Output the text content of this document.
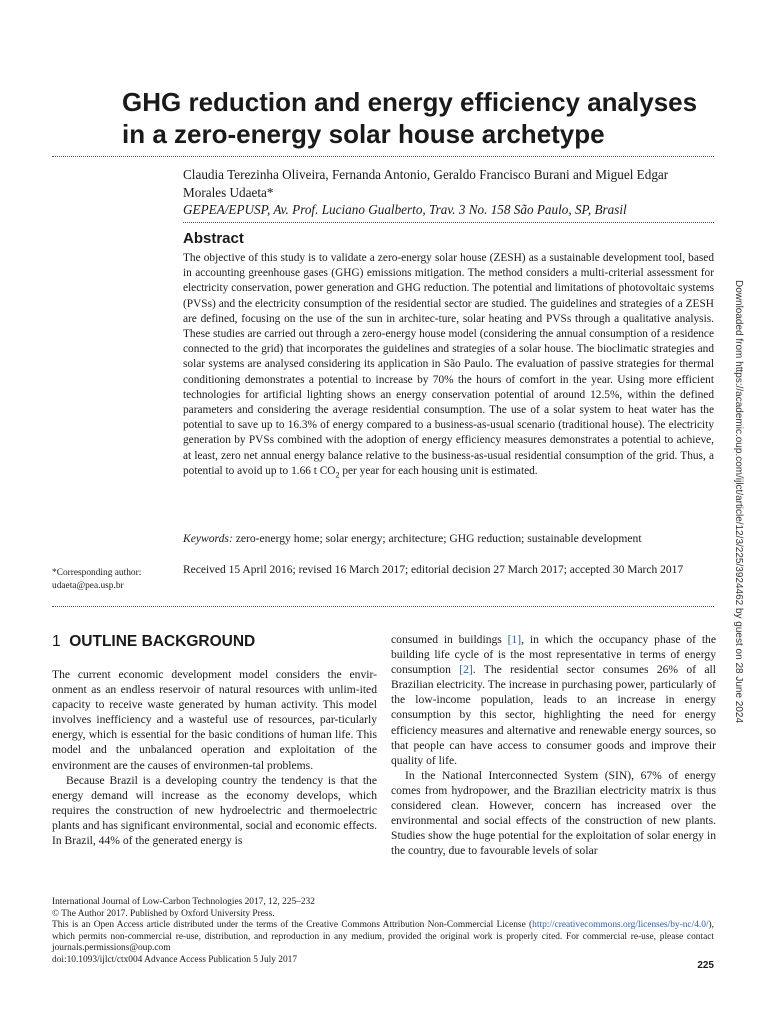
GHG reduction and energy efficiency analyses in a zero-energy solar house archetype

Claudia Terezinha Oliveira, Fernanda Antonio, Geraldo Francisco Burani and Miguel Edgar Morales Udaeta*

GEPEA/EPUSP, Av. Prof. Luciano Gualberto, Trav. 3 No. 158 São Paulo, SP, Brasil

Abstract

The objective of this study is to validate a zero-energy solar house (ZESH) as a sustainable development tool, based in accounting greenhouse gases (GHG) emissions mitigation. The method considers a multi-criterial assessment for electricity conservation, power generation and GHG reduction. The potential and limitations of photovoltaic systems (PVSs) and the electricity consumption of the residential sector are studied. The guidelines and strategies of a ZESH are defined, focusing on the use of the sun in architec-ture, solar heating and PVSs through a qualitative analysis. These studies are carried out through a zero-energy house model (considering the annual consumption of a residence connected to the grid) that incorporates the guidelines and strategies of a solar house. The bioclimatic strategies and solar systems are analysed considering its application in São Paulo. The evaluation of passive strategies for thermal conditioning demonstrates a potential to increase by 70% the hours of comfort in the year. Using more efficient technologies for artificial lighting shows an energy conservation potential of around 12.5%, within the defined parameters and considering the average residential consumption. The use of a solar system to heat water has the potential to save up to 16.3% of energy compared to a business-as-usual scenario (traditional house). The electricity generation by PVSs combined with the adoption of energy efficiency measures demonstrates a potential to achieve, at least, zero net annual energy balance relative to the business-as-usual residential consumption of the grid. Thus, a potential to avoid up to 1.66 t $CO_2$ per year for each housing unit is estimated.

Keywords: zero-energy home; solar energy; architecture; GHG reduction; sustainable development

*Corresponding author:
udaeta@pea.usp.br

Received 15 April 2016; revised 16 March 2017; editorial decision 27 March 2017; accepted 30 March 2017

1 OUTLINE BACKGROUND

The current economic development model considers the envir-onment as an endless reservoir of natural resources with unlim-ited capacity to receive waste generated by human activity. This model involves inefficiency and a wasteful use of resources, par-ticularly energy, which is essential for the basic conditions of human life. This model and the unbalanced operation and exploitation of the environment are the causes of environmen-tal problems.

Because Brazil is a developing country the tendency is that the energy demand will increase as the economy develops, which requires the construction of new hydroelectric and thermoelectric plants and has significant environmental, social and economic effects. In Brazil, 44% of the generated energy is

consumed in buildings [1], in which the occupancy phase of the building life cycle of is the most representative in terms of energy consumption [2]. The residential sector consumes 26% of all Brazilian electricity. The increase in purchasing power, particularly of the low-income population, leads to an increase in energy consumption by this sector, highlighting the need for energy efficiency measures and alternative and renewable energy sources, so that people can have access to consumer goods and improve their quality of life.

In the National Interconnected System (SIN), 67% of energy comes from hydropower, and the Brazilian electricity matrix is thus considered clean. However, concern has increased over the environmental and social effects of the construction of new plants. Studies show the huge potential for the exploitation of solar energy in the country, due to favourable levels of solar

International Journal of Low-Carbon Technologies 2017, 12, 225–232
© The Author 2017. Published by Oxford University Press.
This is an Open Access article distributed under the terms of the Creative Commons Attribution Non-Commercial License (http://creativecommons.org/licenses/by-nc/4.0/), which permits non-commercial re-use, distribution, and reproduction in any medium, provided the original work is properly cited. For commercial re-use, please contact journals.permissions@oup.com
doi:10.1093/ijlct/ctx004 Advance Access Publication 5 July 2017
225
Downloaded from https://academic.oup.com/ijlct/article/12/3/225/3924462 by guest on 28 June 2024
